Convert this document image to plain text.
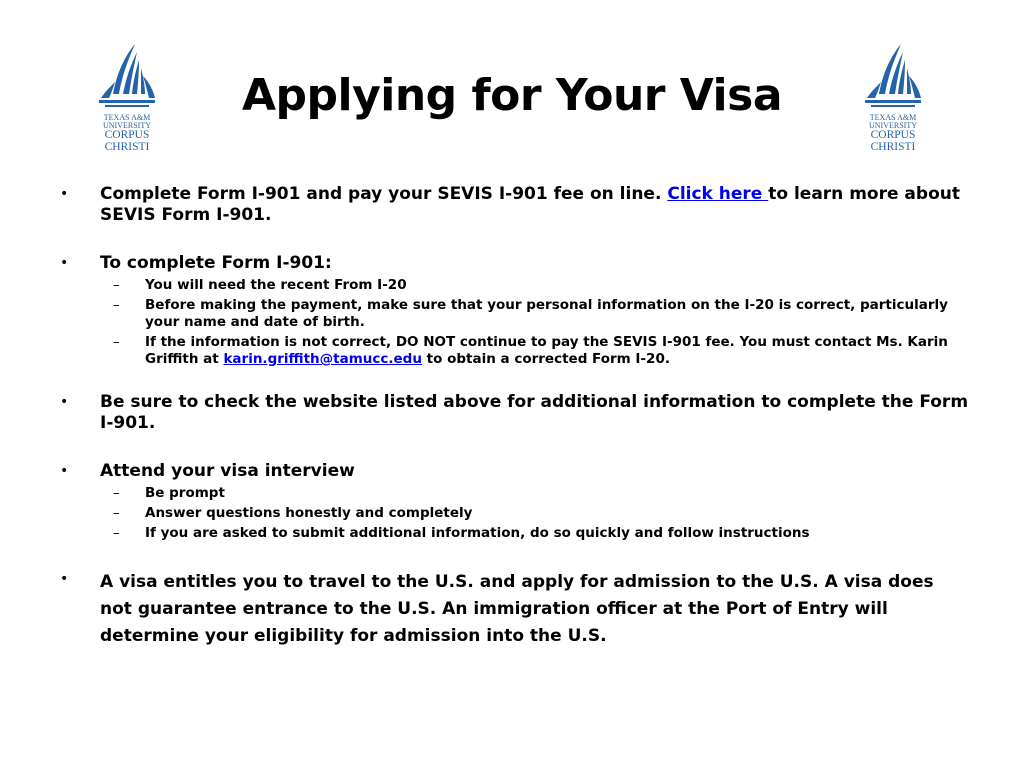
TEXAS A&M
UNIVERSITY
CORPUS
CHRISTI
Applying for Your Visa	TEXAS A&M
UNIVERSITY
CORPUS
CHRISTI
• Complete Form I-901 and pay your SEVIS I-901 fee on line. Click here to learn more about SEVIS Form I-901.
• To complete Form I-901:
– You will need the recent From I-20
– Before making the payment, make sure that your personal information on the I-20 is correct, particularly your name and date of birth.
– If the information is not correct, DO NOT continue to pay the SEVIS I-901 fee. You must contact Ms. Karin Griffith at karin.griffith@tamucc.edu to obtain a corrected Form I-20.
• Be sure to check the website listed above for additional information to complete the Form I-901.
• Attend your visa interview
– Be prompt
– Answer questions honestly and completely
– If you are asked to submit additional information, do so quickly and follow instructions
• A visa entitles you to travel to the U.S. and apply for admission to the U.S. A visa does not guarantee entrance to the U.S. An immigration officer at the Port of Entry will determine your eligibility for admission into the U.S.
